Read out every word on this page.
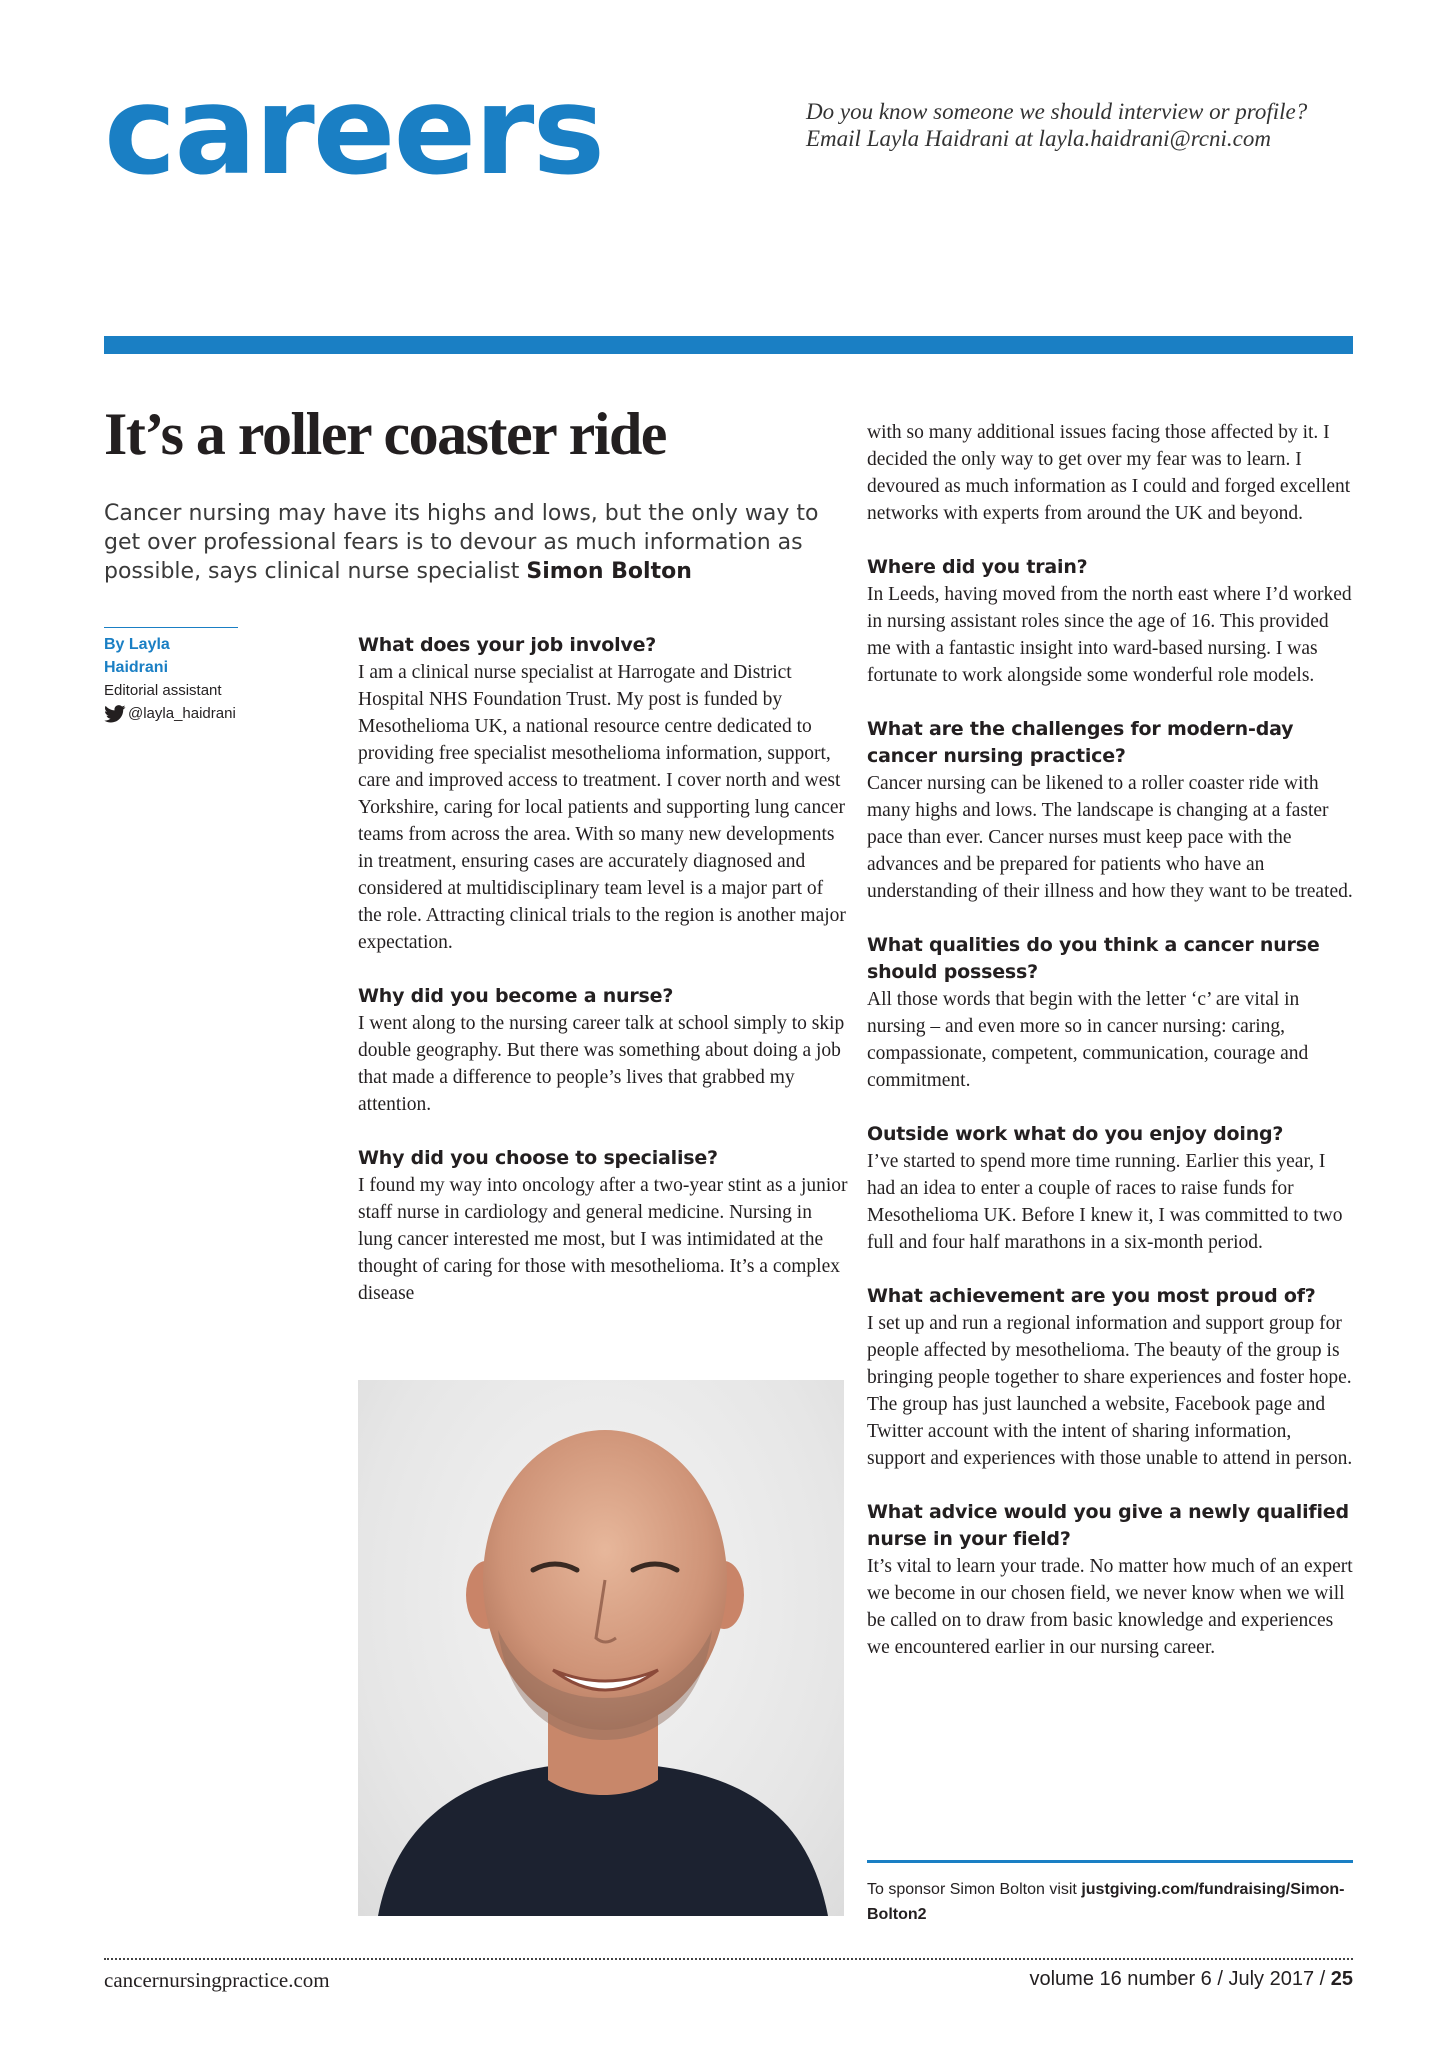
careers	Do you know someone we should interview or profile?

Email Layla Haidrani at layla.haidrani@rcni.com

It’s a roller coaster ride

Cancer nursing may have its highs and lows, but the only way to get over professional fears is to devour as much information as possible, says clinical nurse specialist Simon Bolton

By Layla Haidrani
Editorial assistant
@layla_haidrani
What does your job involve?

I am a clinical nurse specialist at Harrogate and District Hospital NHS Foundation Trust. My post is funded by Mesothelioma UK, a national resource centre dedicated to providing free specialist mesothelioma information, support, care and improved access to treatment. I cover north and west Yorkshire, caring for local patients and supporting lung cancer teams from across the area. With so many new developments in treatment, ensuring cases are accurately diagnosed and considered at multidisciplinary team level is a major part of the role. Attracting clinical trials to the region is another major expectation.

Why did you become a nurse?

I went along to the nursing career talk at school simply to skip double geography. But there was something about doing a job that made a difference to people’s lives that grabbed my attention.

Why did you choose to specialise?

I found my way into oncology after a two-year stint as a junior staff nurse in cardiology and general medicine. Nursing in lung cancer interested me most, but I was intimidated at the thought of caring for those with mesothelioma. It’s a complex disease

with so many additional issues facing those affected by it. I decided the only way to get over my fear was to learn. I devoured as much information as I could and forged excellent networks with experts from around the UK and beyond.

Where did you train?

In Leeds, having moved from the north east where I’d worked in nursing assistant roles since the age of 16. This provided me with a fantastic insight into ward-based nursing. I was fortunate to work alongside some wonderful role models.

What are the challenges for modern-day cancer nursing practice?

Cancer nursing can be likened to a roller coaster ride with many highs and lows. The landscape is changing at a faster pace than ever. Cancer nurses must keep pace with the advances and be prepared for patients who have an understanding of their illness and how they want to be treated.

What qualities do you think a cancer nurse should possess?

All those words that begin with the letter ‘c’ are vital in nursing – and even more so in cancer nursing: caring, compassionate, competent, communication, courage and commitment.

Outside work what do you enjoy doing?

I’ve started to spend more time running. Earlier this year, I had an idea to enter a couple of races to raise funds for Mesothelioma UK. Before I knew it, I was committed to two full and four half marathons in a six-month period.

What achievement are you most proud of?

I set up and run a regional information and support group for people affected by mesothelioma. The beauty of the group is bringing people together to share experiences and foster hope. The group has just launched a website, Facebook page and Twitter account with the intent of sharing information, support and experiences with those unable to attend in person.

What advice would you give a newly qualified nurse in your field?

It’s vital to learn your trade. No matter how much of an expert we become in our chosen field, we never know when we will be called on to draw from basic knowledge and experiences we encountered earlier in our nursing career.

To sponsor Simon Bolton visit justgiving.com/fundraising/Simon-Bolton2
cancernursingpractice.com	volume 16 number 6 / July 2017 / 25
